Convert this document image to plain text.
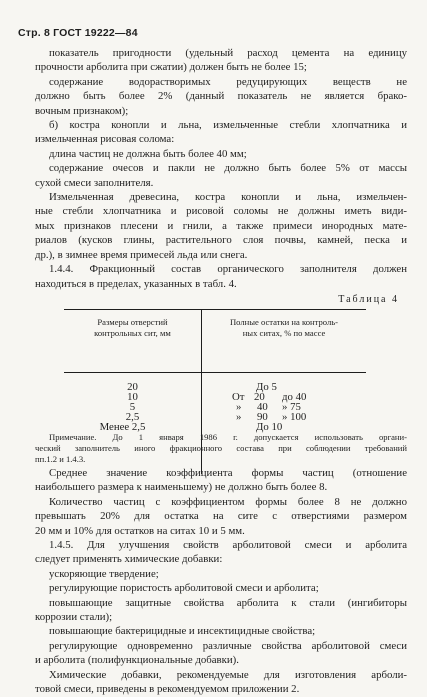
Стр. 8 ГОСТ 19222—84
показатель пригодности (удельный расход цемента на единицу
прочности арболита при сжатии) должен быть не более 15;
содержание водорастворимых редуцирующих веществ не
должно быть более 2% (данный показатель не является брако-
вочным признаком);
б) костра конопли и льна, измельченные стебли хлопчатника и
измельченная рисовая солома:
длина частиц не должна быть более 40 мм;
содержание очесов и пакли не должно быть более 5% от массы
сухой смеси заполнителя.
Измельченная древесина, костра конопли и льна, измельчен-
ные стебли хлопчатника и рисовой соломы не должны иметь види-
мых признаков плесени и гнили, а также примеси инородных мате-
риалов (кусков глины, растительного слоя почвы, камней, песка и
др.), в зимнее время примесей льда или снега.
1.4.4. Фракционный состав органического заполнителя должен
находиться в пределах, указанных в табл. 4.
Таблица 4
Размеры отверстий
контрольных сит, мм
Полные остатки на контроль-
ных ситах, % по массе
20
10
5
2,5
Менее 2,5
До 5
От 20 до 40
» 40 » 75
» 90 » 100
До 10
Примечание. До 1 января 1986 г. допускается использовать органи-
ческий заполнитель иного фракционного состава при соблюдении требований
пп.1.2 и 1.4.3.
Среднее значение коэффициента формы частиц (отношение
наибольшего размера к наименьшему) не должно быть более 8.
Количество частиц с коэффициентом формы более 8 не должно
превышать 20% для остатка на сите с отверстиями размером
20 мм и 10% для остатков на ситах 10 и 5 мм.
1.4.5. Для улучшения свойств арболитовой смеси и арболита
следует применять химические добавки:
ускоряющие твердение;
регулирующие пористость арболитовой смеси и арболита;
повышающие защитные свойства арболита к стали (ингибиторы
коррозии стали);
повышающие бактерицидные и инсектицидные свойства;
регулирующие одновременно различные свойства арболитовой смеси
и арболита (полифункциональные добавки).
Химические добавки, рекомендуемые для изготовления арболи-
товой смеси, приведены в рекомендуемом приложении 2.
